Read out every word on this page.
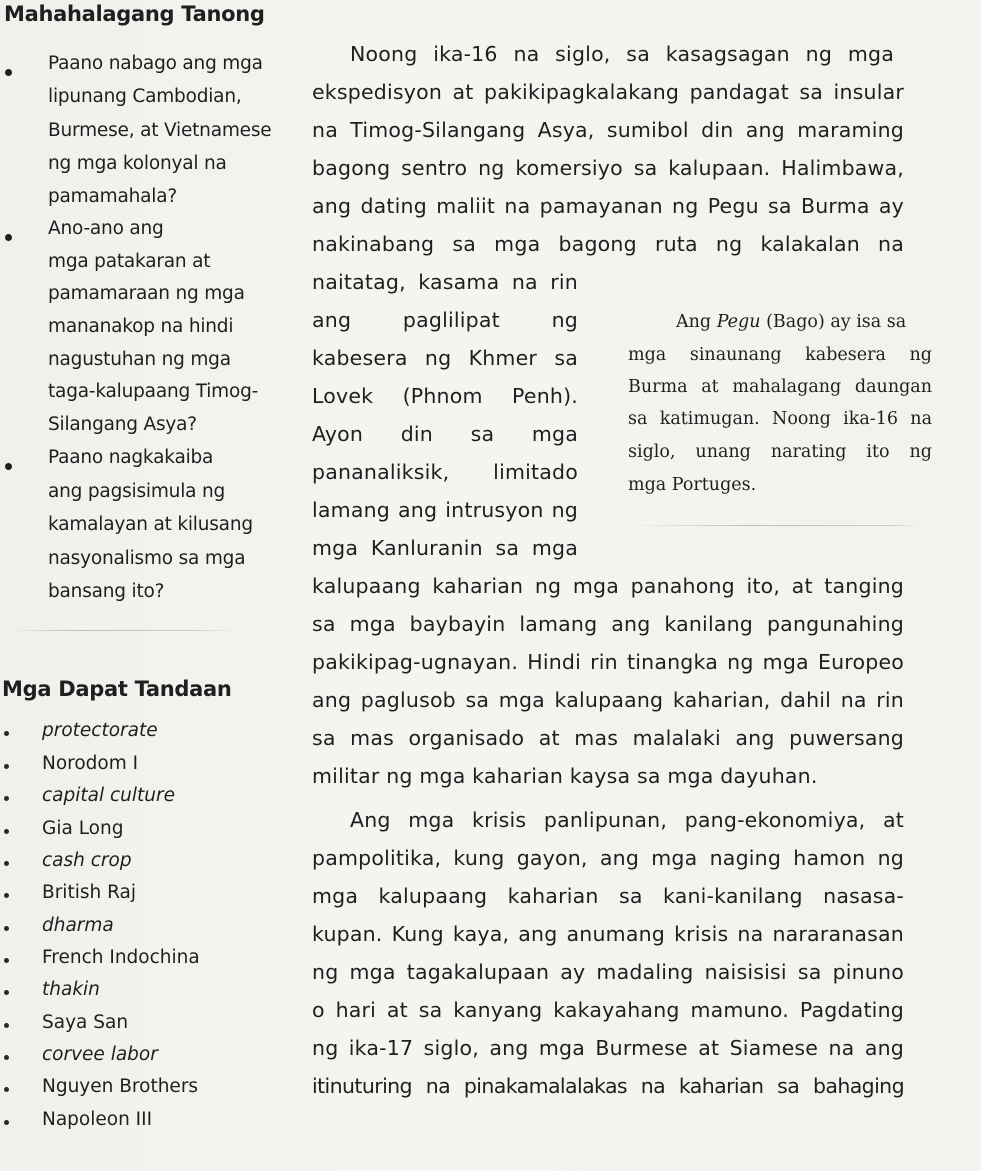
Mahahalagang Tanong
Paano nabago ang mga
lipunang Cambodian,
Burmese, at Vietnamese
ng mga kolonyal na
pamamahala?
Ano-ano ang
mga patakaran at
pamamaraan ng mga
mananakop na hindi
nagustuhan ng mga
taga-kalupaang Timog-
Silangang Asya?
Paano nagkakaiba
ang pagsisimula ng
kamalayan at kilusang
nasyonalismo sa mga
bansang ito?
Mga Dapat Tandaan
protectorate
Norodom I
capital culture
Gia Long
cash crop
British Raj
dharma
French Indochina
thakin
Saya San
corvee labor
Nguyen Brothers
Napoleon III
Noong ika-16 na siglo, sa kasagsagan ng mga
ekspedisyon at pakikipagkalakang pandagat sa insular
na Timog-Silangang Asya, sumibol din ang maraming
bagong sentro ng komersiyo sa kalupaan. Halimbawa,
ang dating maliit na pamayanan ng Pegu sa Burma ay
nakinabang sa mga bagong ruta ng kalakalan na
naitatag, kasama na rin
ang paglilipat ng
kabesera ng Khmer sa
Lovek (Phnom Penh).
Ayon din sa mga
pananaliksik, limitado
lamang ang intrusyon ng
mga Kanluranin sa mga
kalupaang kaharian ng mga panahong ito, at tanging
sa mga baybayin lamang ang kanilang pangunahing
pakikipag-ugnayan. Hindi rin tinangka ng mga Europeo
ang paglusob sa mga kalupaang kaharian, dahil na rin
sa mas organisado at mas malalaki ang puwersang
militar ng mga kaharian kaysa sa mga dayuhan.
Ang mga krisis panlipunan, pang-ekonomiya, at
pampolitika, kung gayon, ang mga naging hamon ng
mga kalupaang kaharian sa kani-kanilang nasasa-
kupan. Kung kaya, ang anumang krisis na nararanasan
ng mga tagakalupaan ay madaling naisisisi sa pinuno
o hari at sa kanyang kakayahang mamuno. Pagdating
ng ika-17 siglo, ang mga Burmese at Siamese na ang
itinuturing na pinakamalalakas na kaharian sa bahaging
Ang Pegu (Bago) ay isa sa
mga sinaunang kabesera ng
Burma at mahalagang daungan
sa katimugan. Noong ika-16 na
siglo, unang narating ito ng
mga Portuges.
